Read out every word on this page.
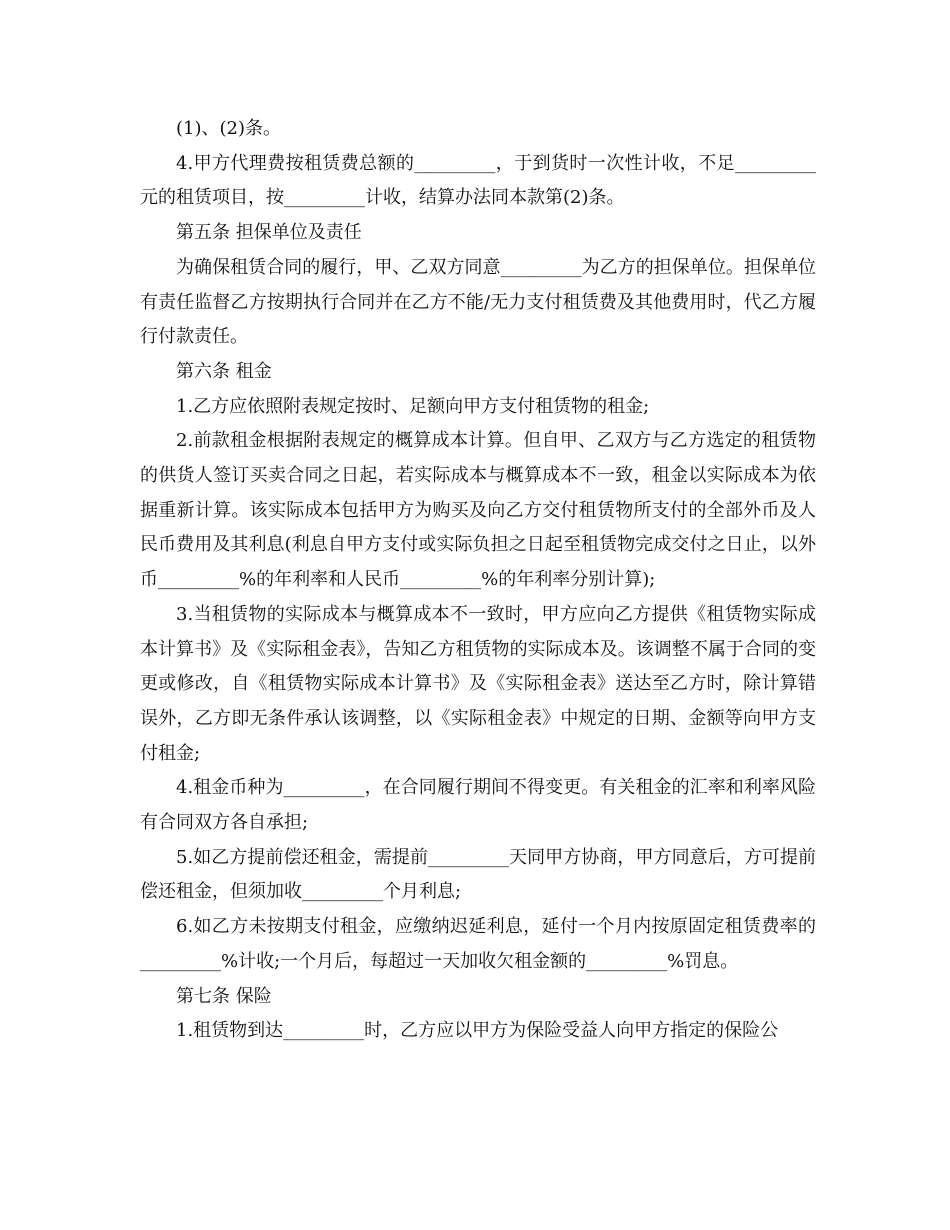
(1)、(2)条。

4.甲方代理费按租赁费总额的_________，于到货时一次性计收，不足_________元的租赁项目，按_________计收，结算办法同本款第(2)条。

第五条 担保单位及责任

为确保租赁合同的履行，甲、乙双方同意_________为乙方的担保单位。担保单位有责任监督乙方按期执行合同并在乙方不能/无力支付租赁费及其他费用时，代乙方履行付款责任。

第六条 租金

1.乙方应依照附表规定按时、足额向甲方支付租赁物的租金;

2.前款租金根据附表规定的概算成本计算。但自甲、乙双方与乙方选定的租赁物的供货人签订买卖合同之日起，若实际成本与概算成本不一致，租金以实际成本为依据重新计算。该实际成本包括甲方为购买及向乙方交付租赁物所支付的全部外币及人民币费用及其利息(利息自甲方支付或实际负担之日起至租赁物完成交付之日止，以外币_________%的年利率和人民币_________%的年利率分别计算);

3.当租赁物的实际成本与概算成本不一致时，甲方应向乙方提供《租赁物实际成本计算书》及《实际租金表》，告知乙方租赁物的实际成本及。该调整不属于合同的变更或修改，自《租赁物实际成本计算书》及《实际租金表》送达至乙方时，除计算错误外，乙方即无条件承认该调整，以《实际租金表》中规定的日期、金额等向甲方支付租金;

4.租金币种为_________，在合同履行期间不得变更。有关租金的汇率和利率风险有合同双方各自承担;

5.如乙方提前偿还租金，需提前_________天同甲方协商，甲方同意后，方可提前偿还租金，但须加收_________个月利息;

6.如乙方未按期支付租金，应缴纳迟延利息，延付一个月内按原固定租赁费率的_________%计收;一个月后，每超过一天加收欠租金额的_________%罚息。

第七条 保险

1.租赁物到达_________时，乙方应以甲方为保险受益人向甲方指定的保险公
